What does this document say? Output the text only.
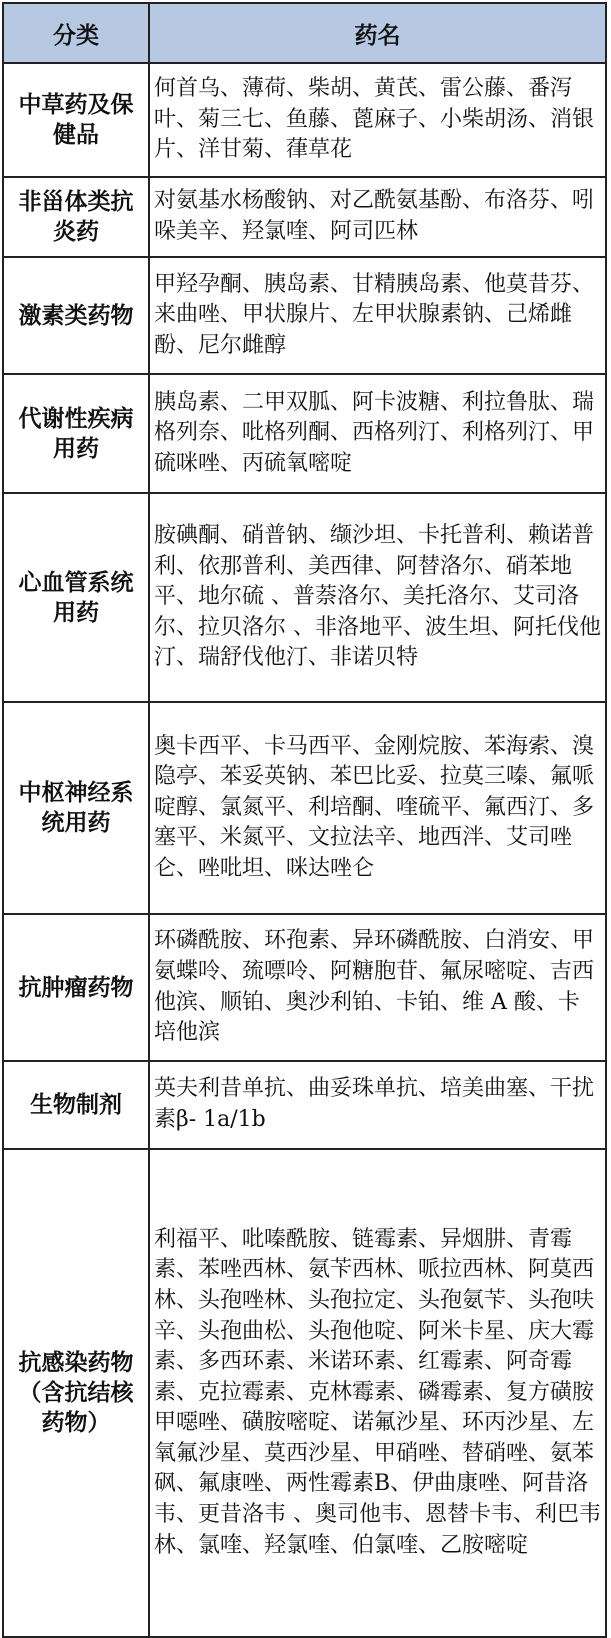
分类	药名
中草药及保健品	何首乌、薄荷、柴胡、黄芪、雷公藤、番泻叶、菊三七、鱼藤、蓖麻子、小柴胡汤、消银片、洋甘菊、葎草花
非甾体类抗炎药	对氨基水杨酸钠、对乙酰氨基酚、布洛芬、吲哚美辛、羟氯喹、阿司匹林
激素类药物	甲羟孕酮、胰岛素、甘精胰岛素、他莫昔芬、来曲唑、甲状腺片、左甲状腺素钠、己烯雌酚、尼尔雌醇
代谢性疾病用药	胰岛素、二甲双胍、阿卡波糖、利拉鲁肽、瑞格列奈、吡格列酮、西格列汀、利格列汀、甲硫咪唑、丙硫氧嘧啶
心血管系统用药	胺碘酮、硝普钠、缬沙坦、卡托普利、赖诺普利、依那普利、美西律、阿替洛尔、硝苯地平、地尔硫 、普萘洛尔、美托洛尔、艾司洛尔、拉贝洛尔 、非洛地平、波生坦、阿托伐他汀、瑞舒伐他汀、非诺贝特
中枢神经系统用药	奥卡西平、卡马西平、金刚烷胺、苯海索、溴隐亭、苯妥英钠、苯巴比妥、拉莫三嗪、氟哌啶醇、氯氮平、利培酮、喹硫平、氟西汀、多塞平、米氮平、文拉法辛、地西泮、艾司唑仑、唑吡坦、咪达唑仑
抗肿瘤药物	环磷酰胺、环孢素、异环磷酰胺、白消安、甲氨蝶呤、巯嘌呤、阿糖胞苷、氟尿嘧啶、吉西他滨、顺铂、奥沙利铂、卡铂、维 A 酸、卡培他滨
生物制剂	英夫利昔单抗、曲妥珠单抗、培美曲塞、干扰素β- 1a/1b
抗感染药物（含抗结核药物）	利福平、吡嗪酰胺、链霉素、异烟肼、青霉素、苯唑西林、氨苄西林、哌拉西林、阿莫西林、头孢唑林、头孢拉定、头孢氨苄、头孢呋辛、头孢曲松、头孢他啶、阿米卡星、庆大霉素、多西环素、米诺环素、红霉素、阿奇霉素、克拉霉素、克林霉素、磷霉素、复方磺胺甲噁唑、磺胺嘧啶、诺氟沙星、环丙沙星、左氧氟沙星、莫西沙星、甲硝唑、替硝唑、氨苯砜、氟康唑、两性霉素B、伊曲康唑、阿昔洛韦、更昔洛韦 、奥司他韦、恩替卡韦、利巴韦林、氯喹、羟氯喹、伯氯喹、乙胺嘧啶
